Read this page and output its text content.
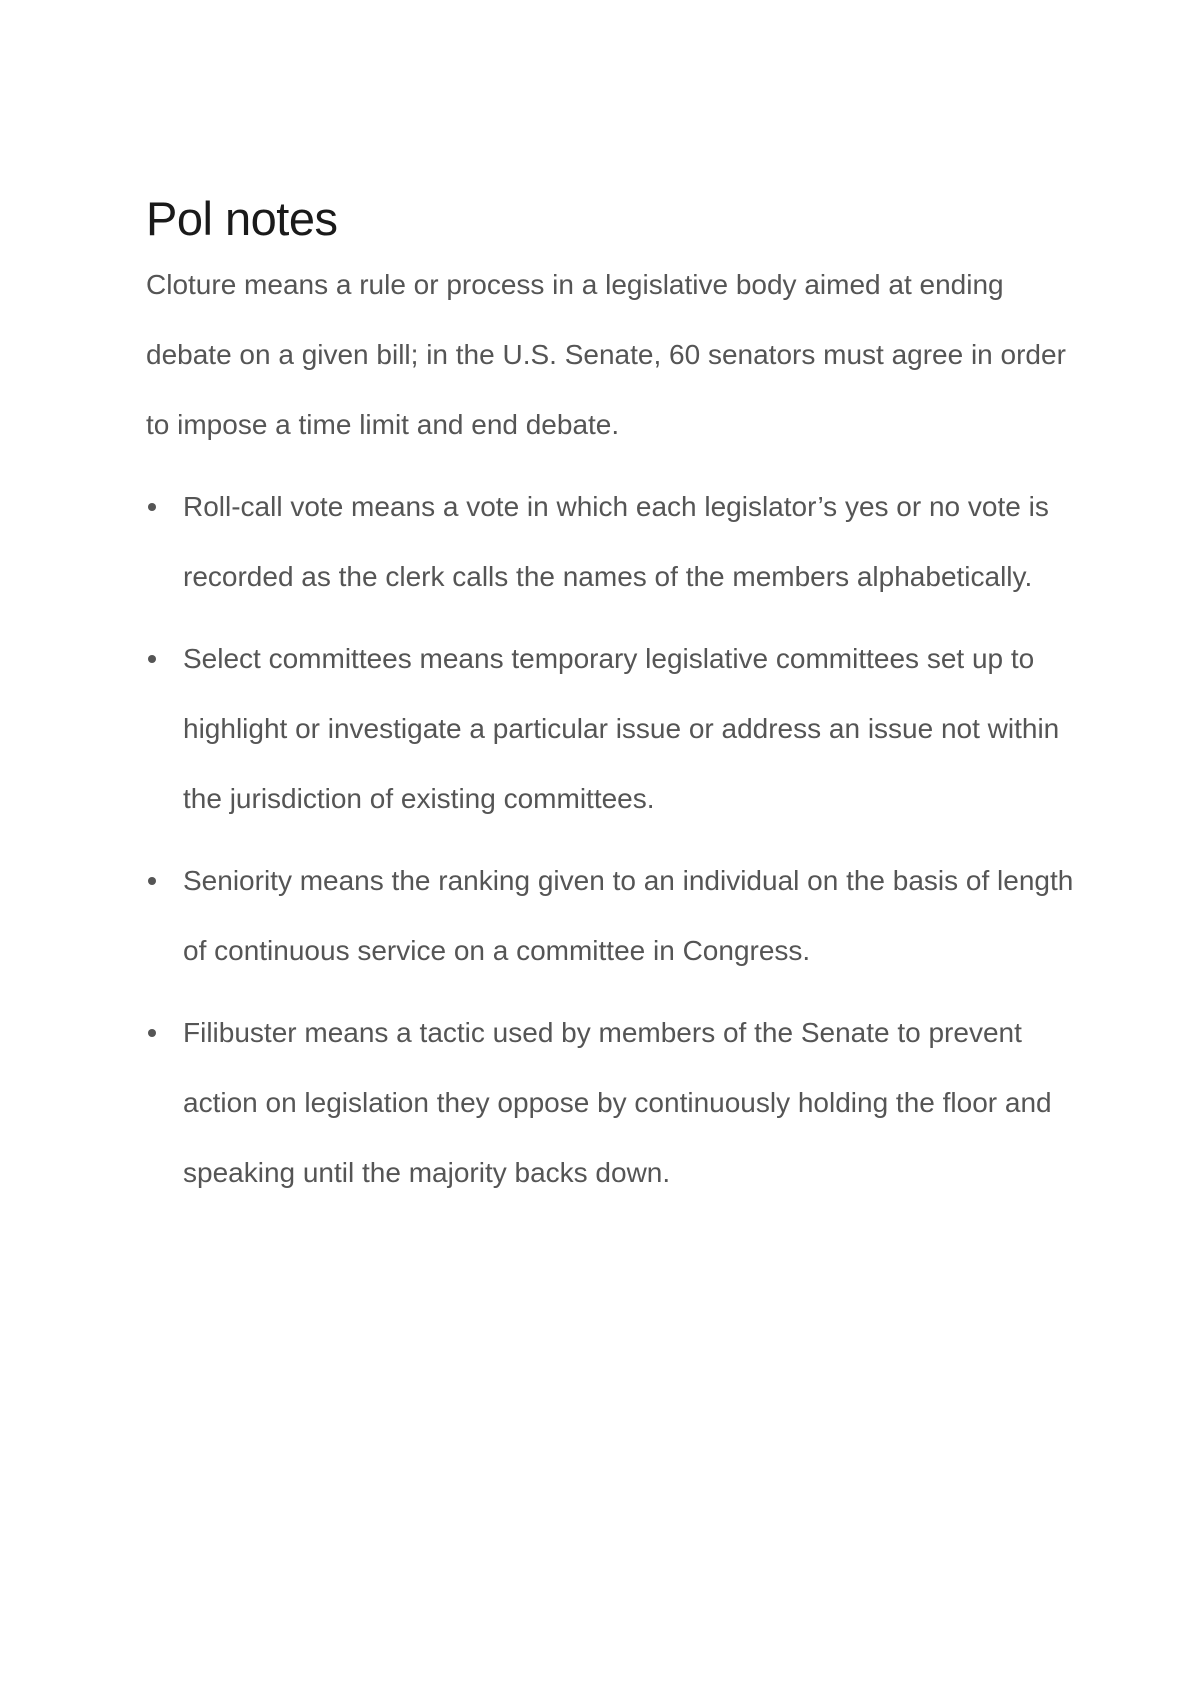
Pol notes

Cloture means a rule or process in a legislative body aimed at ending debate on a given bill; in the U.S. Senate, 60 senators must agree in order to impose a time limit and end debate.

Roll-call vote means a vote in which each legislator’s yes or no vote is recorded as the clerk calls the names of the members alphabetically.
Select committees means temporary legislative committees set up to highlight or investigate a particular issue or address an issue not within the jurisdiction of existing committees.
Seniority means the ranking given to an individual on the basis of length of continuous service on a committee in Congress.
Filibuster means a tactic used by members of the Senate to prevent action on legislation they oppose by continuously holding the floor and speaking until the majority backs down.
